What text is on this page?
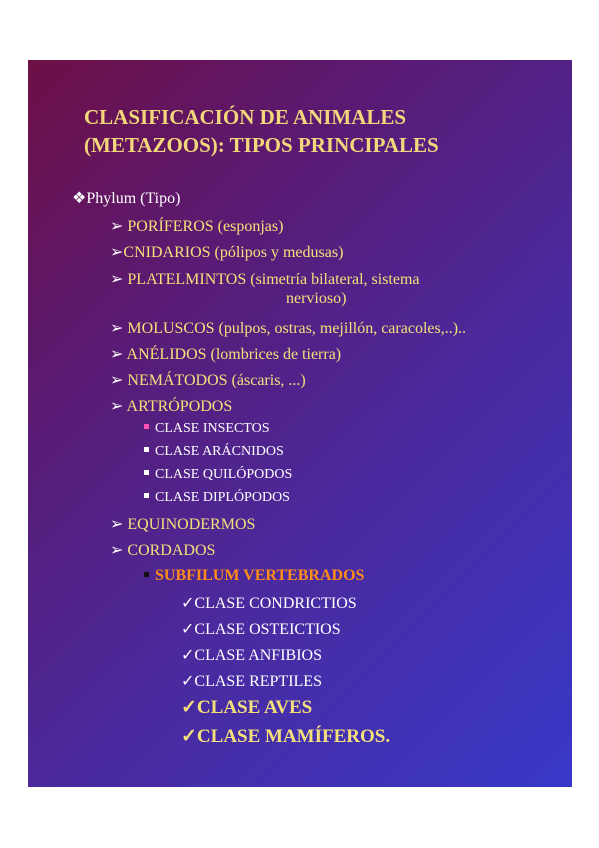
CLASIFICACIÓN DE ANIMALES
(METAZOOS): TIPOS PRINCIPALES
❖Phylum (Tipo)
➢ PORÍFEROS (esponjas)
➢CNIDARIOS (pólipos y medusas)
➢ PLATELMINTOS (simetría bilateral, sistema
nervioso)
➢ MOLUSCOS (pulpos, ostras, mejillón, caracoles,..)..
➢ ANÉLIDOS (lombrices de tierra)
➢ NEMÁTODOS (áscaris, ...)
➢ ARTRÓPODOS
CLASE INSECTOS
CLASE ARÁCNIDOS
CLASE QUILÓPODOS
CLASE DIPLÓPODOS
➢ EQUINODERMOS
➢ CORDADOS
SUBFILUM VERTEBRADOS
✓CLASE CONDRICTIOS
✓CLASE OSTEICTIOS
✓CLASE ANFIBIOS
✓CLASE REPTILES
✓CLASE AVES
✓CLASE MAMÍFEROS.
